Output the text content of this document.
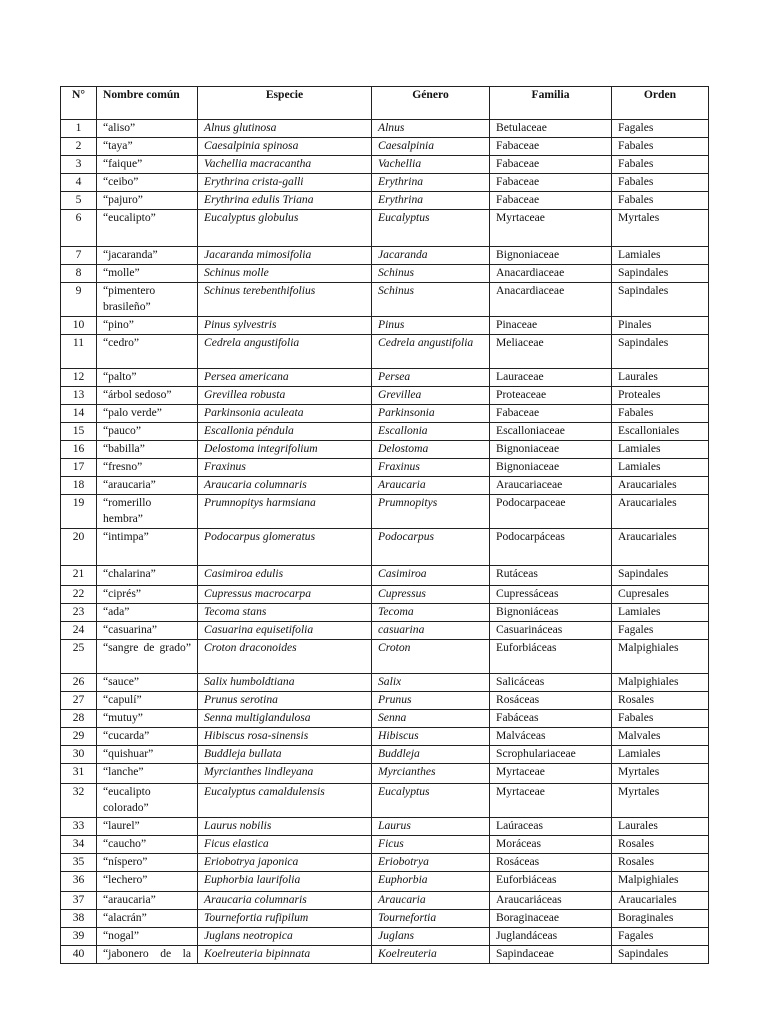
N°	Nombre común	Especie	Género	Familia	Orden
1	“aliso”	Alnus glutinosa	Alnus	Betulaceae	Fagales
2	“taya”	Caesalpinia spinosa	Caesalpinia	Fabaceae	Fabales
3	“faique”	Vachellia macracantha	Vachellia	Fabaceae	Fabales
4	“ceibo”	Erythrina crista-galli	Erythrina	Fabaceae	Fabales
5	“pajuro”	Erythrina edulis Triana	Erythrina	Fabaceae	Fabales
6	“eucalipto”	Eucalyptus globulus	Eucalyptus	Myrtaceae	Myrtales
7	“jacaranda”	Jacaranda mimosifolia	Jacaranda	Bignoniaceae	Lamiales
8	“molle”	Schinus molle	Schinus	Anacardiaceae	Sapindales
9	“pimentero brasileño”	Schinus terebenthifolius	Schinus	Anacardiaceae	Sapindales
10	“pino”	Pinus sylvestris	Pinus	Pinaceae	Pinales
11	“cedro”	Cedrela angustifolia	Cedrela angustifolia	Meliaceae	Sapindales
12	“palto”	Persea americana	Persea	Lauraceae	Laurales
13	“árbol sedoso”	Grevillea robusta	Grevillea	Proteaceae	Proteales
14	“palo verde”	Parkinsonia aculeata	Parkinsonia	Fabaceae	Fabales
15	“pauco”	Escallonia péndula	Escallonia	Escalloniaceae	Escalloniales
16	“babilla”	Delostoma integrifolium	Delostoma	Bignoniaceae	Lamiales
17	“fresno”	Fraxinus	Fraxinus	Bignoniaceae	Lamiales
18	“araucaria”	Araucaria columnaris	Araucaria	Araucariaceae	Araucariales
19	“romerillo hembra”	Prumnopitys harmsiana	Prumnopitys	Podocarpaceae	Araucariales
20	“intimpa”	Podocarpus glomeratus	Podocarpus	Podocarpáceas	Araucariales
21	“chalarina”	Casimiroa edulis	Casimiroa	Rutáceas	Sapindales
22	“ciprés”	Cupressus macrocarpa	Cupressus	Cupressáceas	Cupresales
23	“ada”	Tecoma stans	Tecoma	Bignoniáceas	Lamiales
24	“casuarina”	Casuarina equisetifolia	casuarina	Casuarináceas	Fagales
25	“sangre de grado”	Croton draconoides	Croton	Euforbiáceas	Malpighiales
26	“sauce”	Salix humboldtiana	Salix	Salicáceas	Malpighiales
27	“capulí”	Prunus serotina	Prunus	Rosáceas	Rosales
28	“mutuy”	Senna multiglandulosa	Senna	Fabáceas	Fabales
29	“cucarda”	Hibiscus rosa-sinensis	Hibiscus	Malváceas	Malvales
30	“quishuar”	Buddleja bullata	Buddleja	Scrophulariaceae	Lamiales
31	“lanche”	Myrcianthes lindleyana	Myrcianthes	Myrtaceae	Myrtales
32	“eucalipto colorado”	Eucalyptus camaldulensis	Eucalyptus	Myrtaceae	Myrtales
33	“laurel”	Laurus nobilis	Laurus	Laúraceas	Laurales
34	“caucho”	Ficus elastica	Ficus	Moráceas	Rosales
35	“níspero”	Eriobotrya japonica	Eriobotrya	Rosáceas	Rosales
36	“lechero”	Euphorbia laurifolia	Euphorbia	Euforbiáceas	Malpighiales
37	“araucaria”	Araucaria columnaris	Araucaria	Araucariáceas	Araucariales
38	“alacrán”	Tournefortia rufipilum	Tournefortia	Boraginaceae	Boraginales
39	“nogal”	Juglans neotropica	Juglans	Juglandáceas	Fagales
40	“jabonero de la	Koelreuteria bipinnata	Koelreuteria	Sapindaceae	Sapindales
